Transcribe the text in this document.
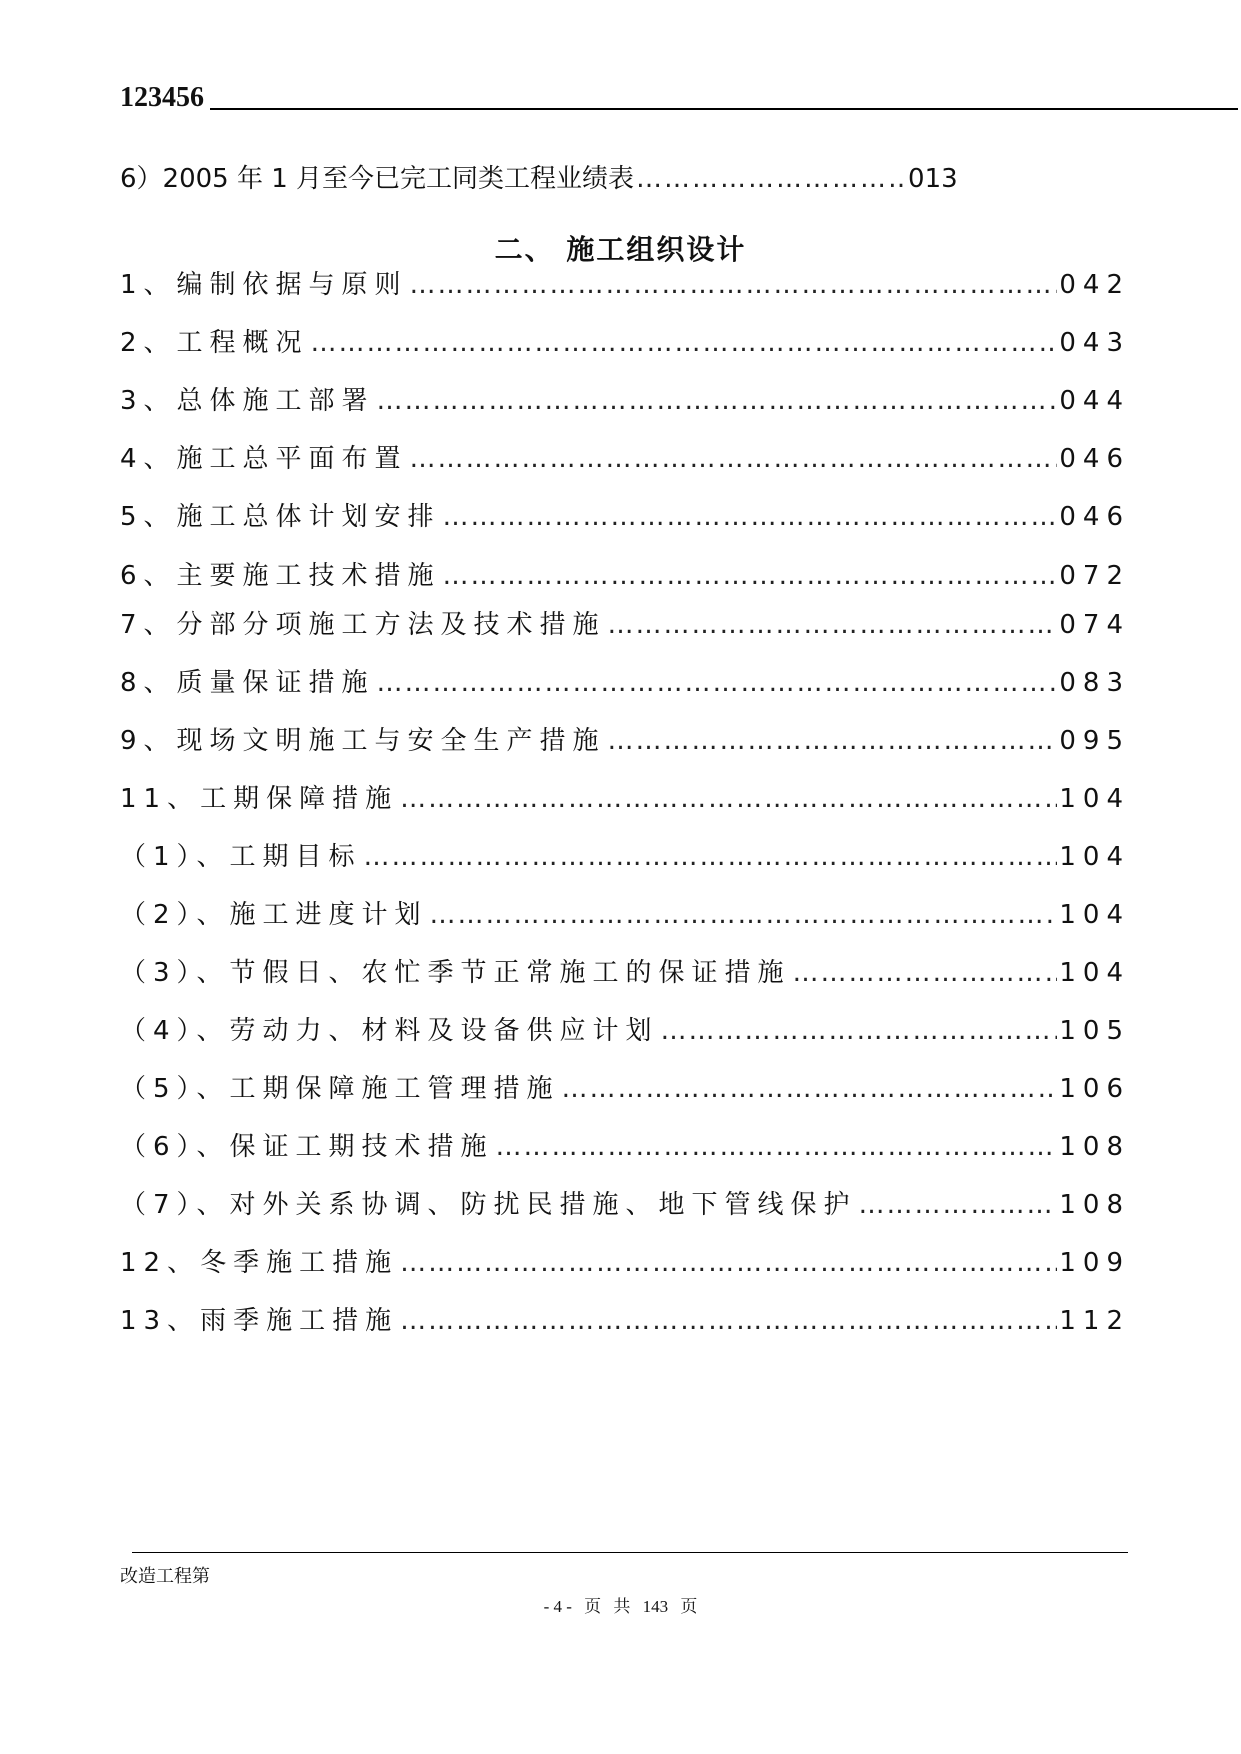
123456
6）2005 年 1 月至今已完工同类工程业绩表 ……………………………………………………………………………………………………………………………………………………………………………	013
二、 施工组织设计
1、编制依据与原则 ……………………………………………………………………………………………………………………………………………………………………………	042
2、工程概况 ……………………………………………………………………………………………………………………………………………………………………………	043
3、总体施工部署 ……………………………………………………………………………………………………………………………………………………………………………	044
4、施工总平面布置 ……………………………………………………………………………………………………………………………………………………………………………	046
5、施工总体计划安排 ……………………………………………………………………………………………………………………………………………………………………………	046
6、主要施工技术措施 ……………………………………………………………………………………………………………………………………………………………………………	072
7、分部分项施工方法及技术措施 ……………………………………………………………………………………………………………………………………………………………………………	074
8、质量保证措施 ……………………………………………………………………………………………………………………………………………………………………………	083
9、现场文明施工与安全生产措施 ……………………………………………………………………………………………………………………………………………………………………………	095
11、工期保障措施 ……………………………………………………………………………………………………………………………………………………………………………	104
（1）、工期目标 ……………………………………………………………………………………………………………………………………………………………………………	104
（2）、施工进度计划 ……………………………………………………………………………………………………………………………………………………………………………	104
（3）、节假日、农忙季节正常施工的保证措施 ……………………………………………………………………………………………………………………………………………………………………………	104
（4）、劳动力、材料及设备供应计划 ……………………………………………………………………………………………………………………………………………………………………………	105
（5）、工期保障施工管理措施 ……………………………………………………………………………………………………………………………………………………………………………	106
（6）、保证工期技术措施 ……………………………………………………………………………………………………………………………………………………………………………	108
（7）、对外关系协调、防扰民措施、地下管线保护 ……………………………………………………………………………………………………………………………………………………………………………	108
12、冬季施工措施 ……………………………………………………………………………………………………………………………………………………………………………	109
13、雨季施工措施 ……………………………………………………………………………………………………………………………………………………………………………	112
改造工程第
- 4 - 页 共 143 页
